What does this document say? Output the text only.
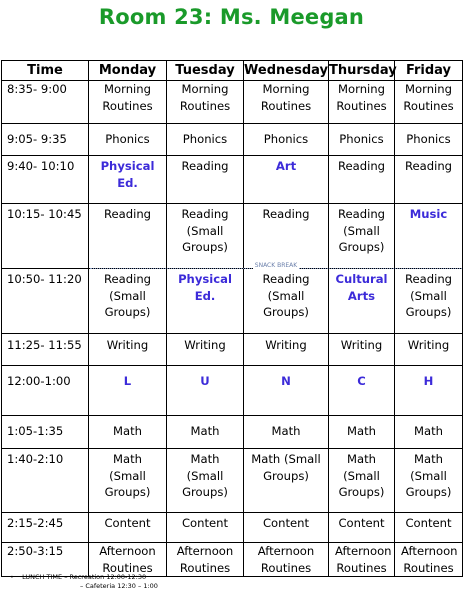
Room 23: Ms. Meegan
Time	Monday	Tuesday	Wednesday	Thursday	Friday

8:35- 9:00	Morning Routines	Morning Routines	Morning Routines	Morning Routines	Morning Routines

9:05- 9:35	Phonics	Phonics	Phonics	Phonics	Phonics

9:40- 10:10	Physical Ed.	Reading	Art	Reading	Reading

10:15- 10:45	Reading	Reading (Small Groups)	Reading	Reading (Small Groups)	Music

10:50- 11:20	Reading (Small Groups)	Physical Ed.	Reading (Small Groups)	Cultural Arts	Reading (Small Groups)

11:25- 11:55	Writing	Writing	Writing	Writing	Writing

12:00-1:00	L	U	N	C	H

1:05-1:35	Math	Math	Math	Math	Math

1:40-2:10	Math (Small Groups)	Math (Small Groups)	Math (Small Groups)	Math (Small Groups)	Math (Small Groups)

2:15-2:45	Content	Content	Content	Content	Content

2:50-3:15	Afternoon Routines	Afternoon Routines	Afternoon Routines	Afternoon Routines	Afternoon Routines
SNACK BREAK
•    LUNCH TIME – Recreation 12:00-12:30
– Cafeteria 12:30 – 1:00
